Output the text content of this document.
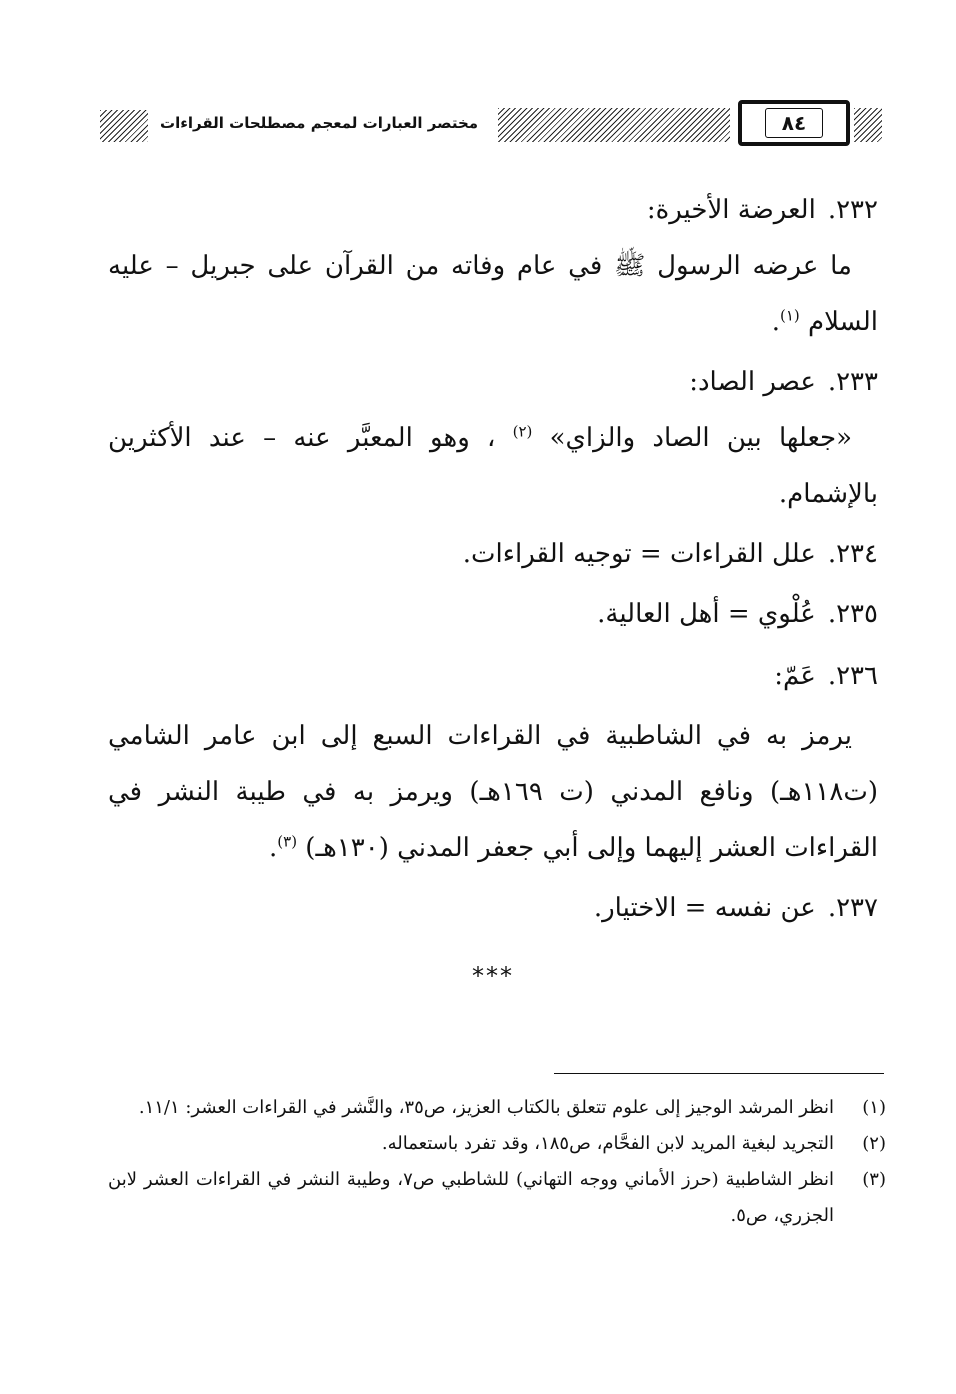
٨٤
مختصر العبارات لمعجم مصطلحات القراءات
٢٣٢.العرضة الأخيرة:
ما عرضه الرسول ﷺ في عام وفاته من القرآن على جبريل – عليه السلام $^{(١)}$.
٢٣٣.عصر الصاد:
«جعلها بين الصاد والزاي» $^{(٢)}$ ، وهو المعبَّر عنه – عند الأكثرين بالإشمام.
٢٣٤.علل القراءات = توجيه القراءات.
٢٣٥.عُلْوي = أهل العالية.
٢٣٦.عَمّ:
يرمز به في الشاطبية في القراءات السبع إلى ابن عامر الشامي (ت١١٨هـ) ونافع المدني (ت ١٦٩هـ) ويرمز به في طيبة النشر في القراءات العشر إليهما وإلى أبي جعفر المدني (١٣٠هـ) $^{(٣)}$.
٢٣٧.عن نفسه = الاختيار.
***
(١)
انظر المرشد الوجيز إلى علوم تتعلق بالكتاب العزيز، ص٣٥، والنَّشر في القراءات العشر: ١١/١.
(٢)
التجريد لبغية المريد لابن الفحَّام، ص١٨٥، وقد تفرد باستعماله.
(٣)
انظر الشاطبية (حرز الأماني ووجه التهاني) للشاطبي ص٧، وطيبة النشر في القراءات العشر لابن الجزري، ص٥.
